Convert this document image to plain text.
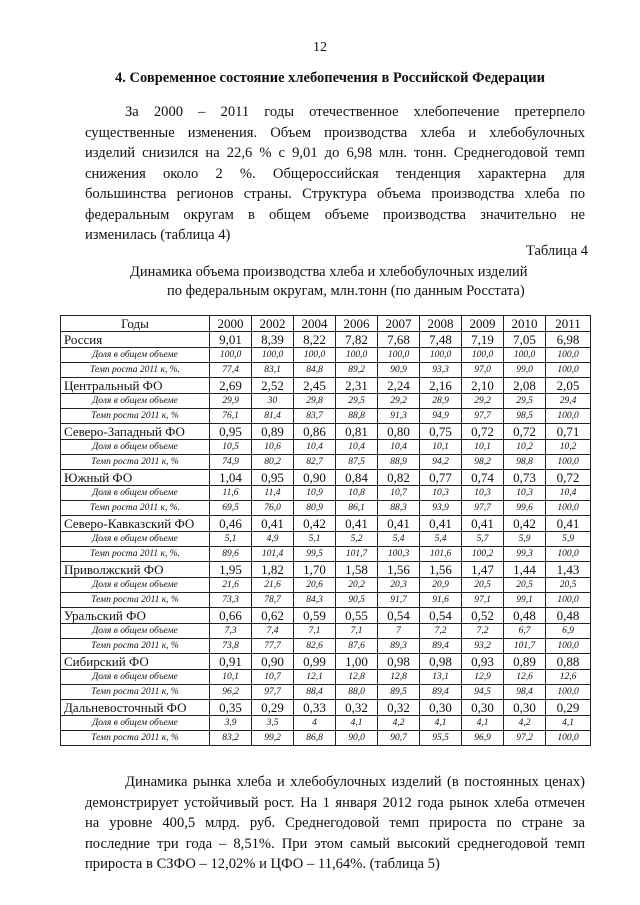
12
4. Современное состояние хлебопечения в Российской Федерации
За 2000 – 2011 годы отечественное хлебопечение претерпело
существенные изменения. Объем производства хлеба и хлебобулочных
изделий снизился на 22,6 % с 9,01 до 6,98 млн. тонн. Среднегодовой темп
снижения около 2 %. Общероссийская тенденция характерна для
большинства регионов страны. Структура объема производства хлеба по
федеральным округам в общем объеме производства значительно не
изменилась (таблица 4)
Таблица 4
Динамика объема производства хлеба и хлебобулочных изделий
по федеральным округам, млн.тонн (по данным Росстата)
Годы	2000	2002	2004	2006	2007	2008	2009	2010	2011
Россия	9,01	8,39	8,22	7,82	7,68	7,48	7,19	7,05	6,98
Доля в общем объеме	100,0	100,0	100,0	100,0	100,0	100,0	100,0	100,0	100,0
Темп роста 2011 к, %.	77,4	83,1	84,8	89,2	90,9	93,3	97,0	99,0	100,0
Центральный ФО	2,69	2,52	2,45	2,31	2,24	2,16	2,10	2,08	2,05
Доля в общем объеме	29,9	30	29,8	29,5	29,2	28,9	29,2	29,5	29,4
Темп роста 2011 к, %	76,1	81,4	83,7	88,8	91,3	94,9	97,7	98,5	100,0
Северо-Западный ФО	0,95	0,89	0,86	0,81	0,80	0,75	0,72	0,72	0,71
Доля в общем объеме	10,5	10,6	10,4	10,4	10,4	10,1	10,1	10,2	10,2
Темп роста 2011 к, %	74,9	80,2	82,7	87,5	88,9	94,2	98,2	98,8	100,0
Южный ФО	1,04	0,95	0,90	0,84	0,82	0,77	0,74	0,73	0,72
Доля в общем объеме	11,6	11,4	10,9	10,8	10,7	10,3	10,3	10,3	10,4
Темп роста 2011 к, %.	69,5	76,0	80,9	86,1	88,3	93,9	97,7	99,6	100,0
Северо-Кавказский ФО	0,46	0,41	0,42	0,41	0,41	0,41	0,41	0,42	0,41
Доля в общем объеме	5,1	4,9	5,1	5,2	5,4	5,4	5,7	5,9	5,9
Темп роста 2011 к, %.	89,6	101,4	99,5	101,7	100,3	101,6	100,2	99,3	100,0
Приволжский ФО	1,95	1,82	1,70	1,58	1,56	1,56	1,47	1,44	1,43
Доля в общем объеме	21,6	21,6	20,6	20,2	20,3	20,9	20,5	20,5	20,5
Темп роста 2011 к, %	73,3	78,7	84,3	90,5	91,7	91,6	97,1	99,1	100,0
Уральский ФО	0,66	0,62	0,59	0,55	0,54	0,54	0,52	0,48	0,48
Доля в общем объеме	7,3	7,4	7,1	7,1	7	7,2	7,2	6,7	6,9
Темп роста 2011 к, %	73,8	77,7	82,6	87,6	89,3	89,4	93,2	101,7	100,0
Сибирский ФО	0,91	0,90	0,99	1,00	0,98	0,98	0,93	0,89	0,88
Доля в общем объеме	10,1	10,7	12,1	12,8	12,8	13,1	12,9	12,6	12,6
Темп роста 2011 к, %	96,2	97,7	88,4	88,0	89,5	89,4	94,5	98,4	100,0
Дальневосточный ФО	0,35	0,29	0,33	0,32	0,32	0,30	0,30	0,30	0,29
Доля в общем объеме	3,9	3,5	4	4,1	4,2	4,1	4,1	4,2	4,1
Темп роста 2011 к, %	83,2	99,2	86,8	90,0	90,7	95,5	96,9	97,2	100,0
Динамика рынка хлеба и хлебобулочных изделий (в постоянных ценах)
демонстрирует устойчивый рост. На 1 января 2012 года рынок хлеба отмечен
на уровне 400,5 млрд. руб. Среднегодовой темп прироста по стране за
последние три года – 8,51%. При этом самый высокий среднегодовой темп
прироста в СЗФО – 12,02% и ЦФО – 11,64%. (таблица 5)
